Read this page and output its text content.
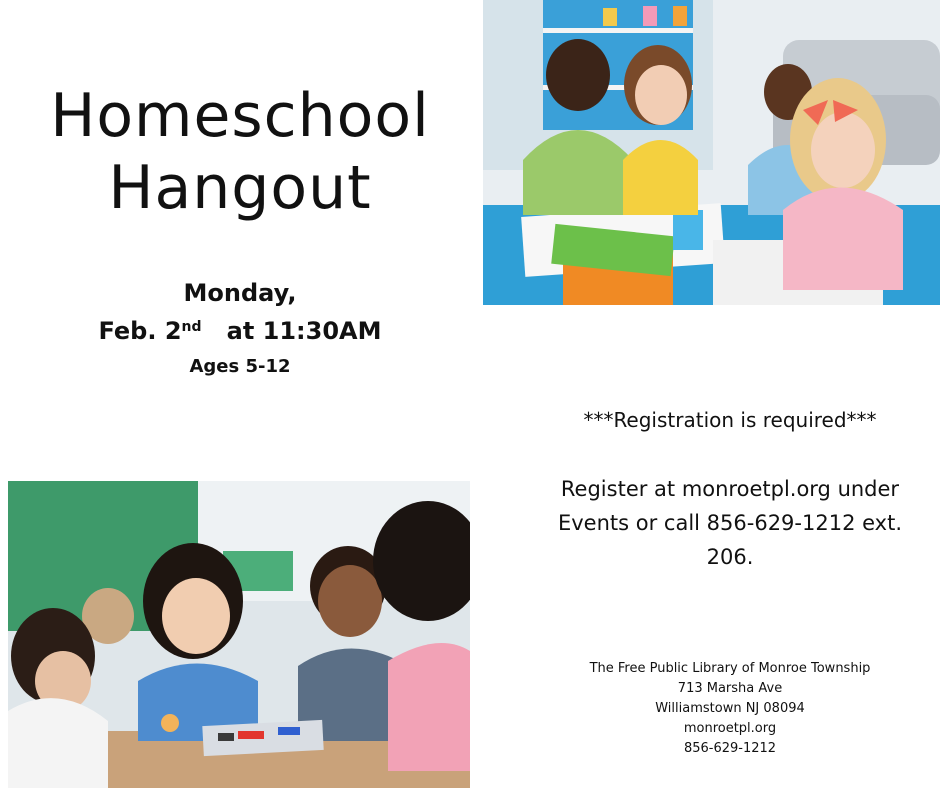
Homeschool
Hangout
Monday,
Feb. 2nd at 11:30AM
Ages 5-12
***Registration is required***
Register at monroetpl.org under Events or call 856-629-1212 ext. 206.
The Free Public Library of Monroe Township
713 Marsha Ave
Williamstown NJ 08094
monroetpl.org
856-629-1212
